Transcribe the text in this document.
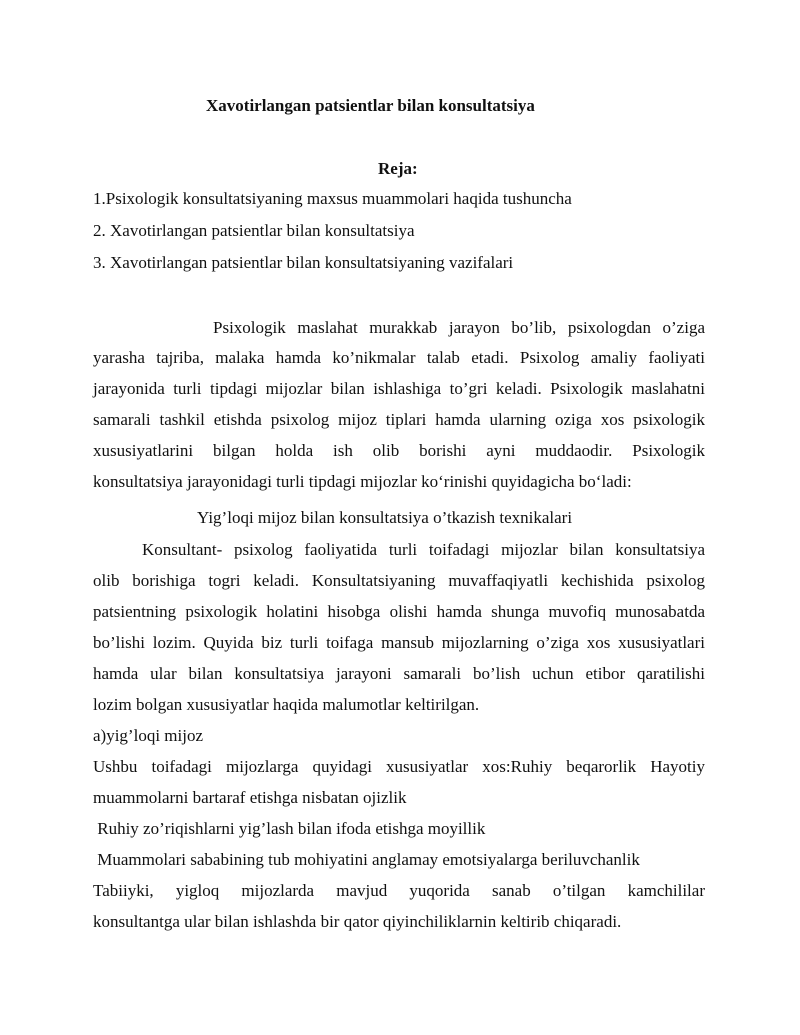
Xavotirlangan patsientlar bilan konsultatsiya
Reja:
1.Psixologik konsultatsiyaning maxsus muammolari haqida tushuncha
2. Xavotirlangan patsientlar bilan konsultatsiya
3. Xavotirlangan patsientlar bilan konsultatsiyaning vazifalari
Psixologik maslahat murakkab jarayon bo’lib, psixologdan o’ziga
yarasha tajriba, malaka hamda ko’nikmalar talab etadi. Psixolog amaliy faoliyati
jarayonida turli tipdagi mijozlar bilan ishlashiga to’gri keladi. Psixologik maslahatni
samarali tashkil etishda psixolog mijoz tiplari hamda ularning oziga xos psixologik
xususiyatlarini bilgan holda ish olib borishi ayni muddaodir. Psixologik
konsultatsiya jarayonidagi turli tipdagi mijozlar ko‘rinishi quyidagicha bo‘ladi:
Yig’loqi mijoz bilan konsultatsiya o’tkazish texnikalari
Konsultant- psixolog faoliyatida turli toifadagi mijozlar bilan konsultatsiya
olib borishiga togri keladi. Konsultatsiyaning muvaffaqiyatli kechishida psixolog
patsientning psixologik holatini hisobga olishi hamda shunga muvofiq munosabatda
bo’lishi lozim. Quyida biz turli toifaga mansub mijozlarning o’ziga xos xususiyatlari
hamda ular bilan konsultatsiya jarayoni samarali bo’lish uchun etibor qaratilishi
lozim bolgan xususiyatlar haqida malumotlar keltirilgan.
a)yig’loqi mijoz
Ushbu toifadagi mijozlarga quyidagi xususiyatlar xos:Ruhiy beqarorlik Hayotiy
muammolarni bartaraf etishga nisbatan ojizlik
Ruhiy zo’riqishlarni yig’lash bilan ifoda etishga moyillik
Muammolari sababining tub mohiyatini anglamay emotsiyalarga beriluvchanlik
Tabiiyki, yigloq mijozlarda mavjud yuqorida sanab o’tilgan kamchililar
konsultantga ular bilan ishlashda bir qator qiyinchiliklarnin keltirib chiqaradi.
